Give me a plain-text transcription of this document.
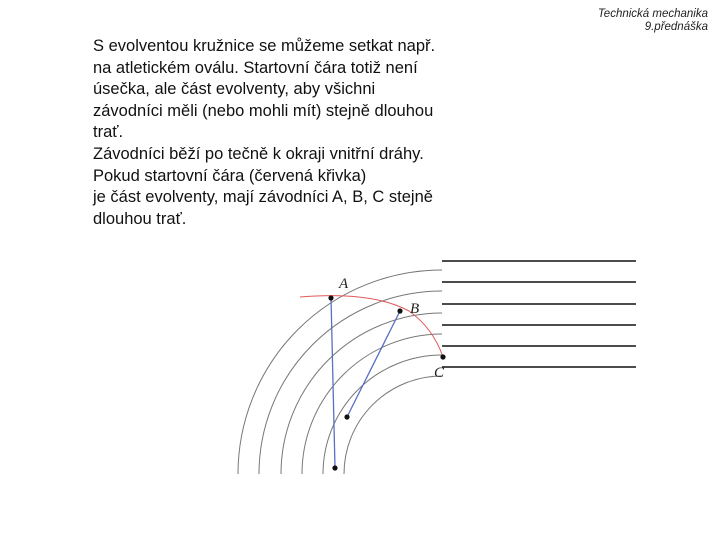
Technická mechanika
9.přednáška
S evolventou kružnice se můžeme setkat např.
na atletickém oválu. Startovní čára totiž není
úsečka, ale část evolventy, aby všichni
závodníci měli (nebo mohli mít) stejně dlouhou
trať.
Závodníci běží po tečně k okraji vnitřní dráhy.
Pokud startovní čára (červená křivka)
je část evolventy, mají závodníci A, B, C stejně
dlouhou trať.
A
B
C
